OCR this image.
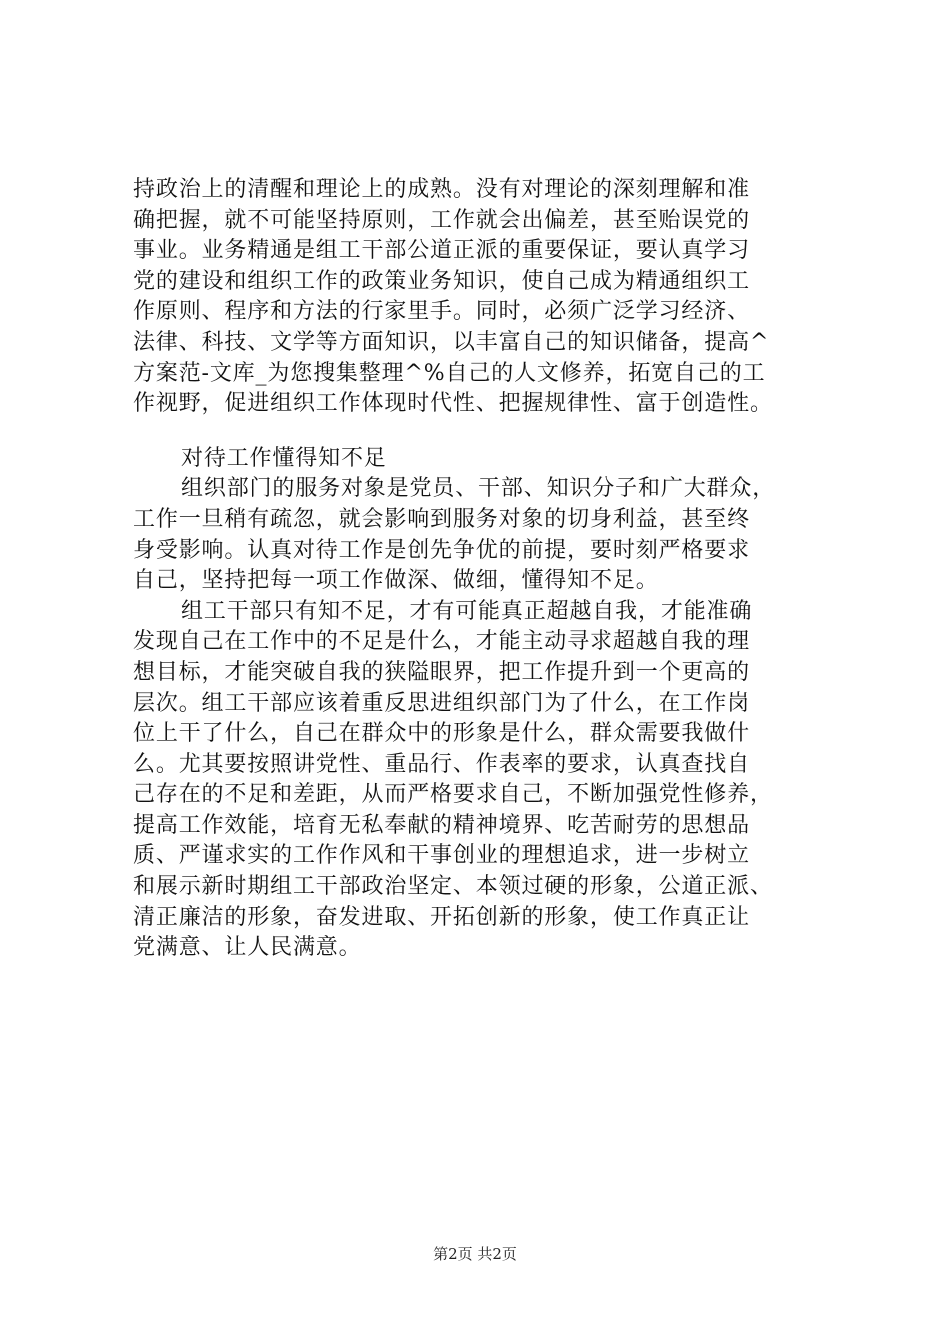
持政治上的清醒和理论上的成熟。没有对理论的深刻理解和准
确把握，就不可能坚持原则，工作就会出偏差，甚至贻误党的
事业。业务精通是组工干部公道正派的重要保证，要认真学习
党的建设和组织工作的政策业务知识，使自己成为精通组织工
作原则、程序和方法的行家里手。同时，必须广泛学习经济、
法律、科技、文学等方面知识，以丰富自己的知识储备，提高^
方案范-文库_为您搜集整理^%自己的人文修养，拓宽自己的工
作视野，促进组织工作体现时代性、把握规律性、富于创造性。
对待工作懂得知不足
组织部门的服务对象是党员、干部、知识分子和广大群众，
工作一旦稍有疏忽，就会影响到服务对象的切身利益，甚至终
身受影响。认真对待工作是创先争优的前提，要时刻严格要求
自己，坚持把每一项工作做深、做细，懂得知不足。
组工干部只有知不足，才有可能真正超越自我，才能准确
发现自己在工作中的不足是什么，才能主动寻求超越自我的理
想目标，才能突破自我的狭隘眼界，把工作提升到一个更高的
层次。组工干部应该着重反思进组织部门为了什么，在工作岗
位上干了什么，自己在群众中的形象是什么，群众需要我做什
么。尤其要按照讲党性、重品行、作表率的要求，认真查找自
己存在的不足和差距，从而严格要求自己，不断加强党性修养，
提高工作效能，培育无私奉献的精神境界、吃苦耐劳的思想品
质、严谨求实的工作作风和干事创业的理想追求，进一步树立
和展示新时期组工干部政治坚定、本领过硬的形象，公道正派、
清正廉洁的形象，奋发进取、开拓创新的形象，使工作真正让
党满意、让人民满意。
第2页 共2页
